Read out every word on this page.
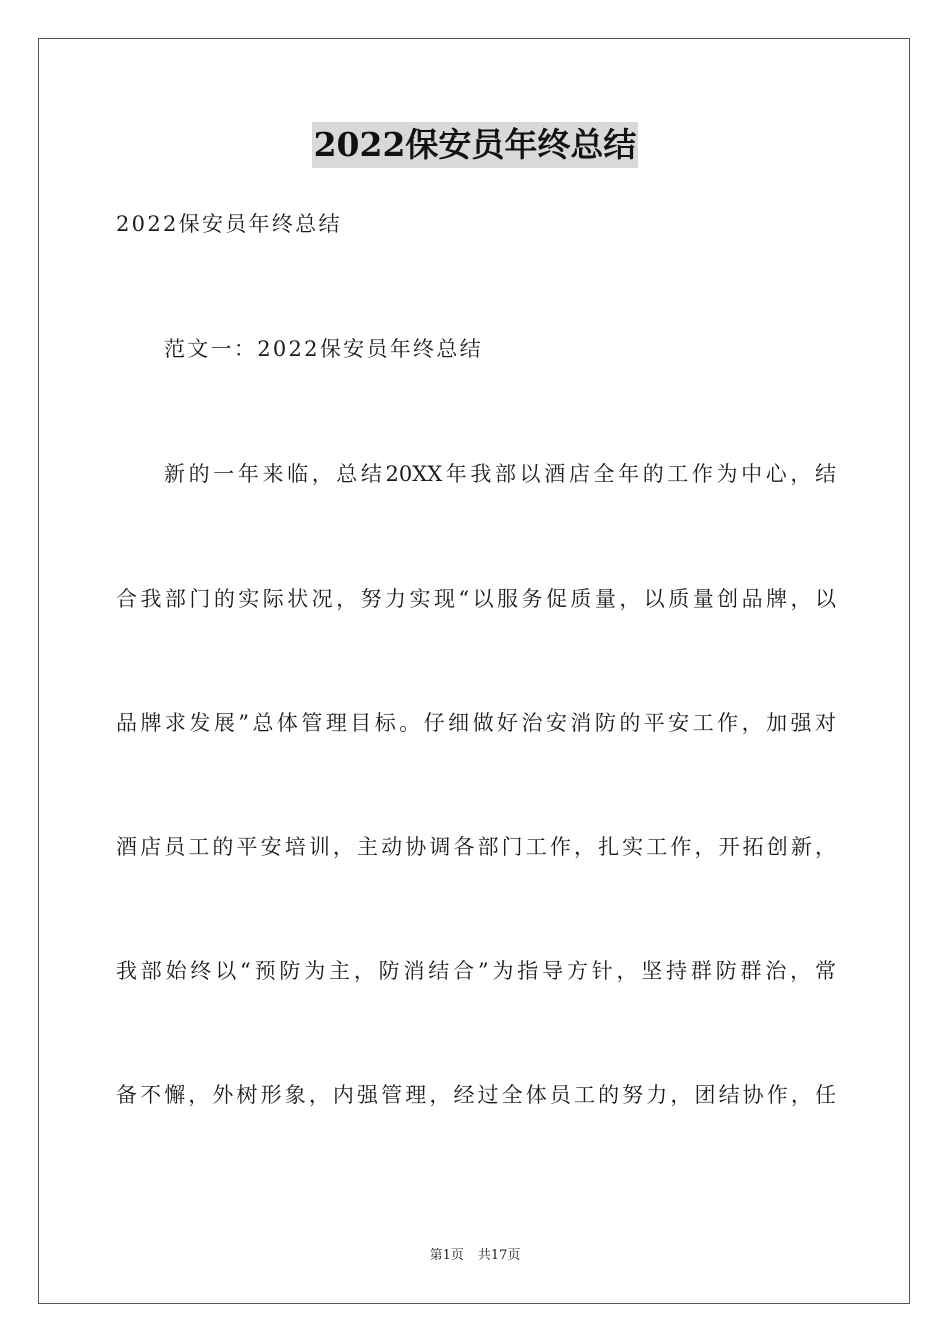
2022保安员年终总结
2022保安员年终总结
范文一：2022保安员年终总结
新的一年来临，总结20XX年我部以酒店全年的工作为中心，结
合我部门的实际状况，努力实现“以服务促质量，以质量创品牌，以
品牌求发展”总体管理目标。仔细做好治安消防的平安工作，加强对
酒店员工的平安培训，主动协调各部门工作，扎实工作，开拓创新，
我部始终以“预防为主，防消结合”为指导方针，坚持群防群治，常
备不懈，外树形象，内强管理，经过全体员工的努力，团结协作，任
第1页 共17页
